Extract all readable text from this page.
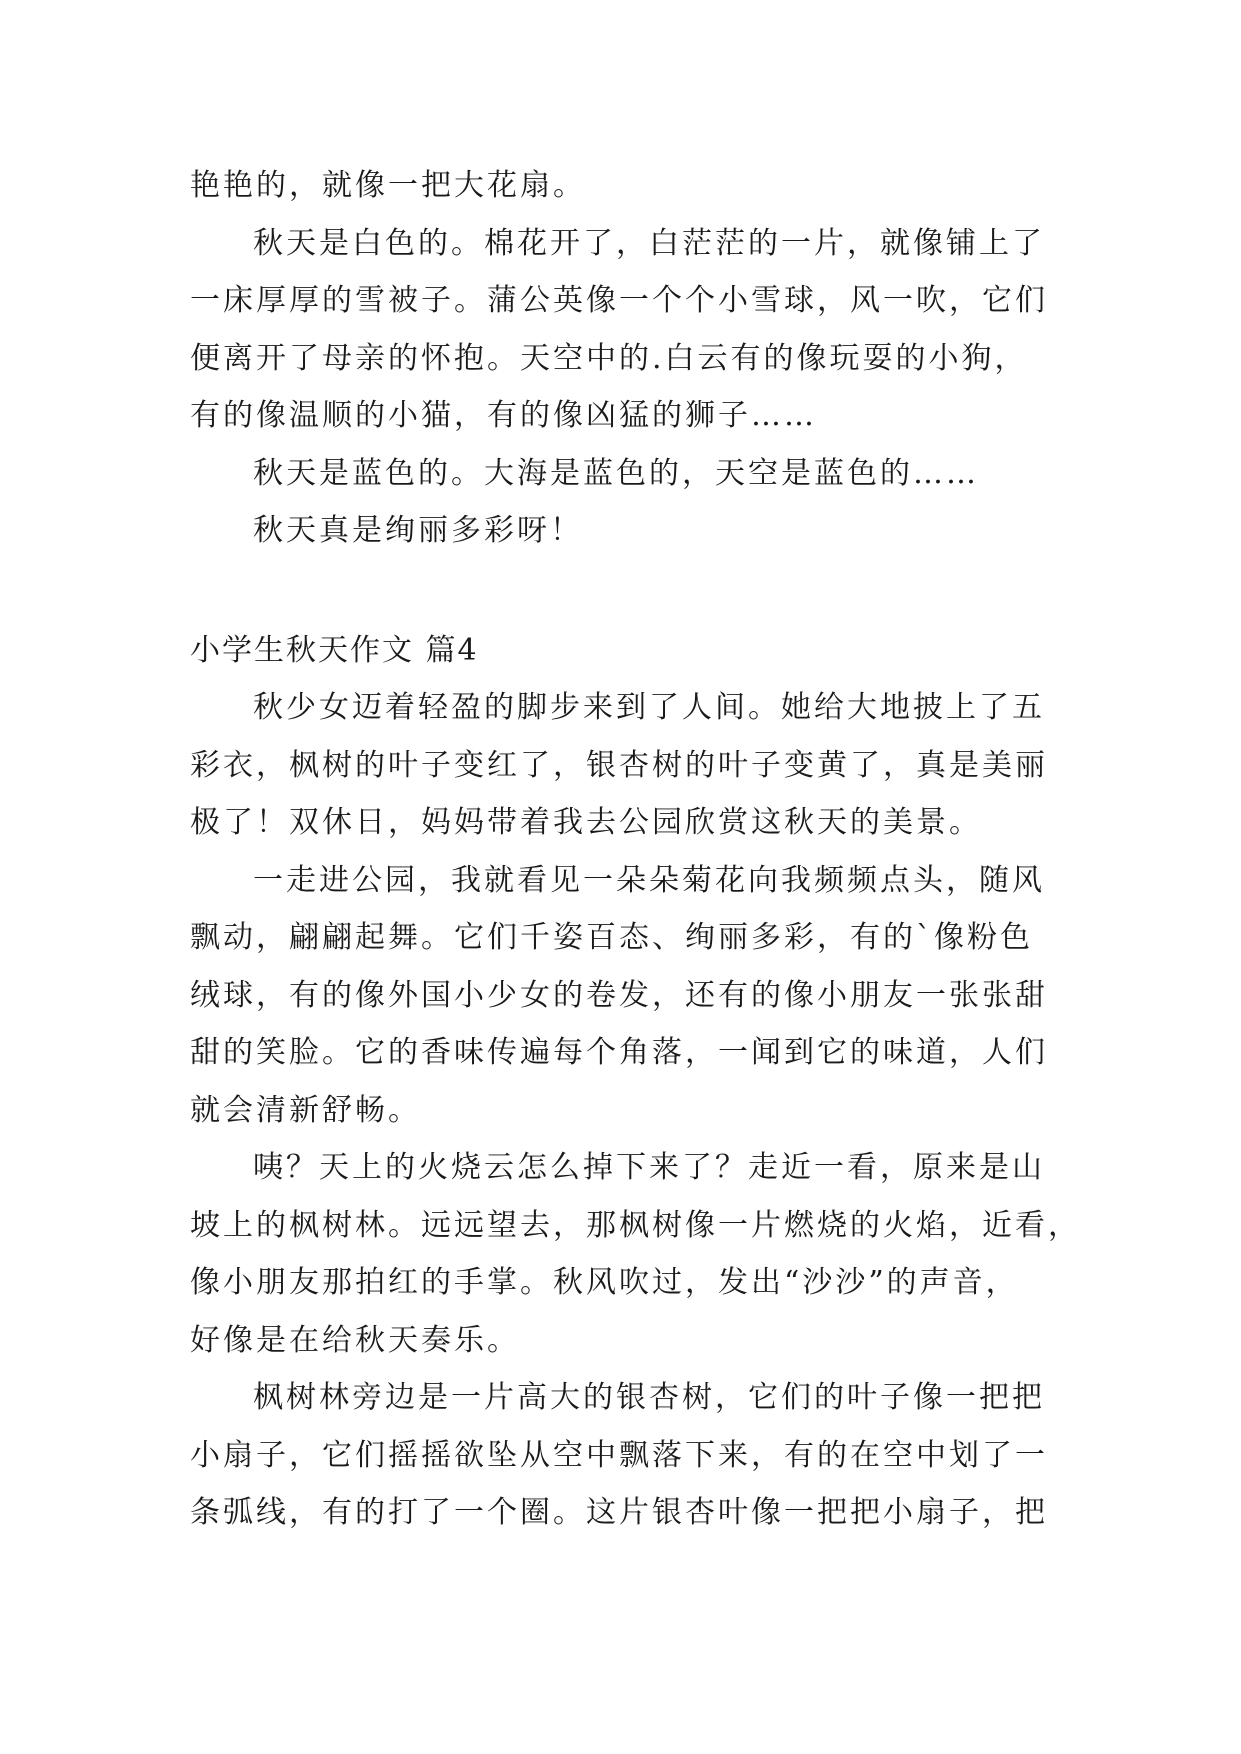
艳艳的，就像一把大花扇。
秋天是白色的。棉花开了，白茫茫的一片，就像铺上了
一床厚厚的雪被子。蒲公英像一个个小雪球，风一吹，它们
便离开了母亲的怀抱。天空中的.白云有的像玩耍的小狗，
有的像温顺的小猫，有的像凶猛的狮子……
秋天是蓝色的。大海是蓝色的，天空是蓝色的……
秋天真是绚丽多彩呀！
小学生秋天作文 篇4
秋少女迈着轻盈的脚步来到了人间。她给大地披上了五
彩衣，枫树的叶子变红了，银杏树的叶子变黄了，真是美丽
极了！双休日，妈妈带着我去公园欣赏这秋天的美景。
一走进公园，我就看见一朵朵菊花向我频频点头，随风
飘动，翩翩起舞。它们千姿百态、绚丽多彩，有的`像粉色
绒球，有的像外国小少女的卷发，还有的像小朋友一张张甜
甜的笑脸。它的香味传遍每个角落，一闻到它的味道，人们
就会清新舒畅。
咦？天上的火烧云怎么掉下来了？走近一看，原来是山
坡上的枫树林。远远望去，那枫树像一片燃烧的火焰，近看，
像小朋友那拍红的手掌。秋风吹过，发出“沙沙”的声音，
好像是在给秋天奏乐。
枫树林旁边是一片高大的银杏树，它们的叶子像一把把
小扇子，它们摇摇欲坠从空中飘落下来，有的在空中划了一
条弧线，有的打了一个圈。这片银杏叶像一把把小扇子，把
